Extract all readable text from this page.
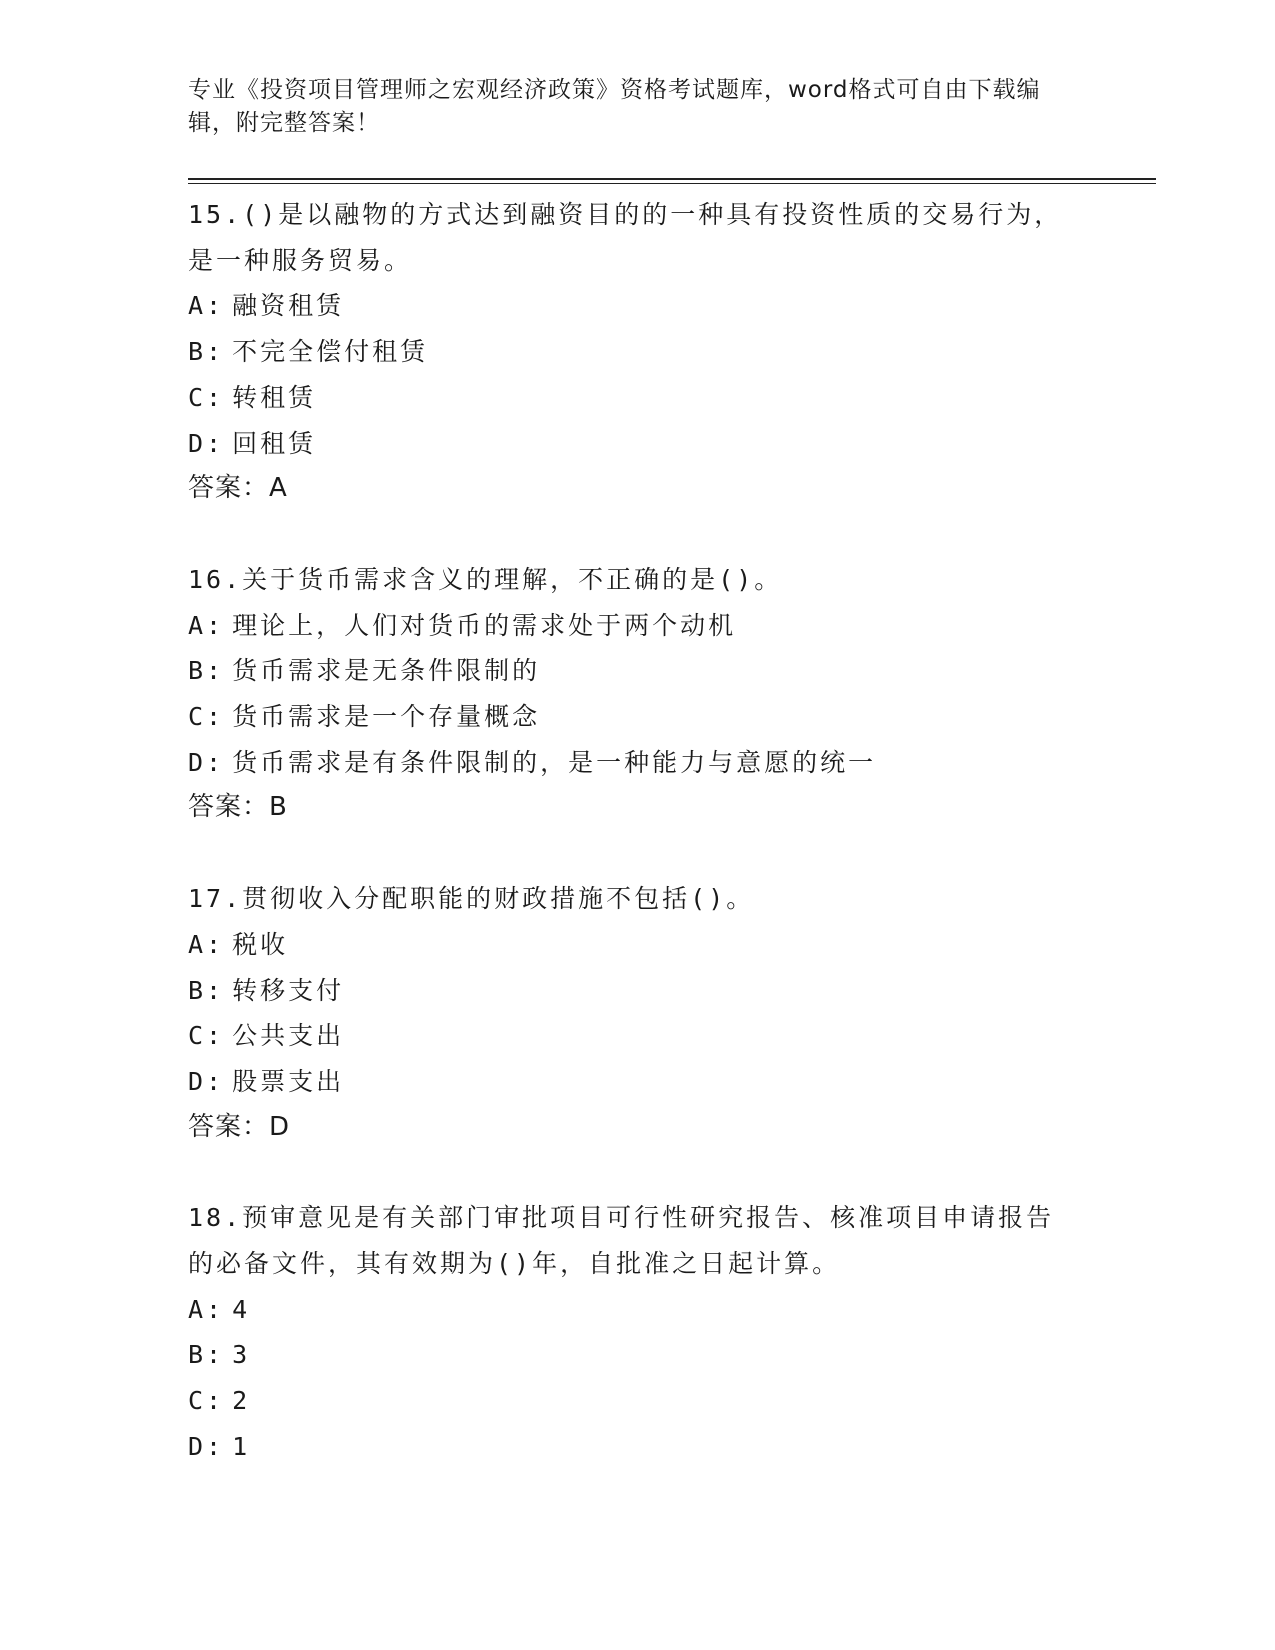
专业《投资项目管理师之宏观经济政策》资格考试题库，word格式可自由下载编辑，附完整答案！
15.()是以融物的方式达到融资目的的一种具有投资性质的交易行为，是一种服务贸易。
A: 融资租赁
B: 不完全偿付租赁
C: 转租赁
D: 回租赁
答案：A
16.关于货币需求含义的理解，不正确的是()。
A: 理论上，人们对货币的需求处于两个动机
B: 货币需求是无条件限制的
C: 货币需求是一个存量概念
D: 货币需求是有条件限制的，是一种能力与意愿的统一
答案：B
17.贯彻收入分配职能的财政措施不包括()。
A: 税收
B: 转移支付
C: 公共支出
D: 股票支出
答案：D
18.预审意见是有关部门审批项目可行性研究报告、核准项目申请报告的必备文件，其有效期为()年，自批准之日起计算。
A: 4
B: 3
C: 2
D: 1
